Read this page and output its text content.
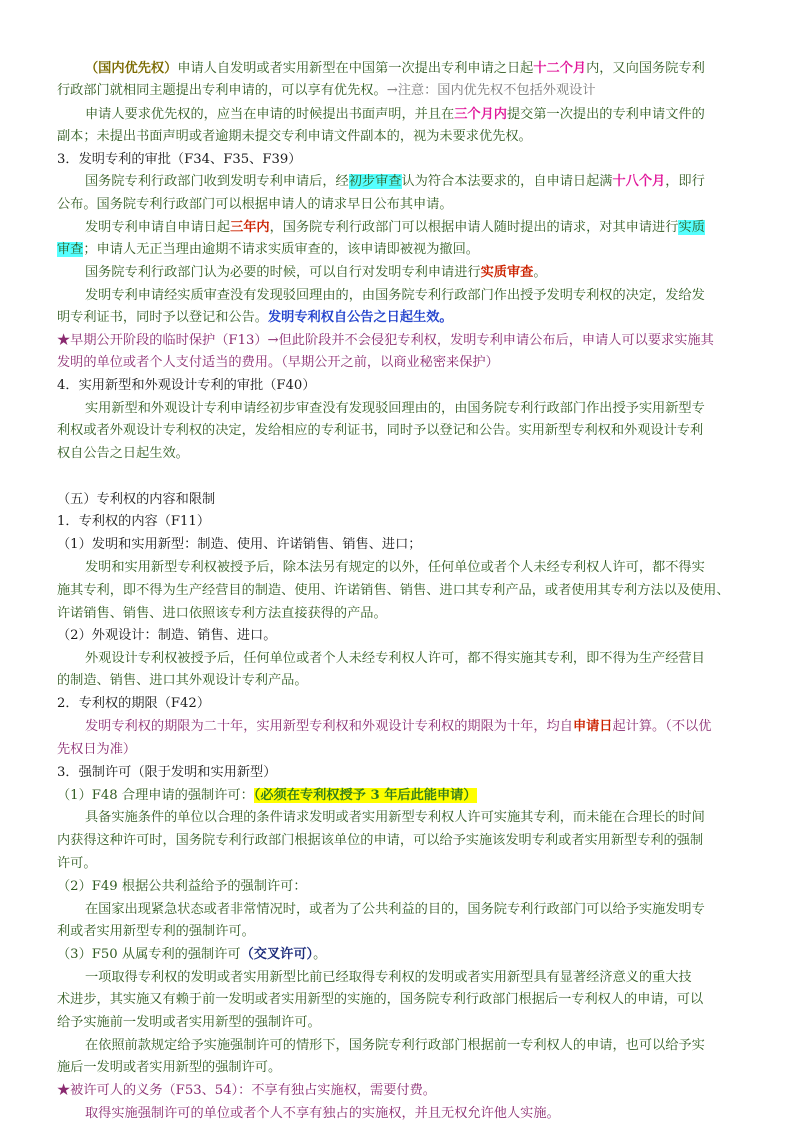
（国内优先权）申请人自发明或者实用新型在中国第一次提出专利申请之日起十二个月内，又向国务院专利
行政部门就相同主题提出专利申请的，可以享有优先权。→注意：国内优先权不包括外观设计
申请人要求优先权的，应当在申请的时候提出书面声明，并且在三个月内提交第一次提出的专利申请文件的
副本；未提出书面声明或者逾期未提交专利申请文件副本的，视为未要求优先权。
3．发明专利的审批（F34、F35、F39）
国务院专利行政部门收到发明专利申请后，经初步审查认为符合本法要求的，自申请日起满十八个月，即行
公布。国务院专利行政部门可以根据申请人的请求早日公布其申请。
发明专利申请自申请日起三年内，国务院专利行政部门可以根据申请人随时提出的请求，对其申请进行实质
审查；申请人无正当理由逾期不请求实质审查的，该申请即被视为撤回。
国务院专利行政部门认为必要的时候，可以自行对发明专利申请进行实质审查。
发明专利申请经实质审查没有发现驳回理由的，由国务院专利行政部门作出授予发明专利权的决定，发给发
明专利证书，同时予以登记和公告。发明专利权自公告之日起生效。
★早期公开阶段的临时保护（F13）→但此阶段并不会侵犯专利权，发明专利申请公布后，申请人可以要求实施其
发明的单位或者个人支付适当的费用。（早期公开之前，以商业秘密来保护）
4．实用新型和外观设计专利的审批（F40）
实用新型和外观设计专利申请经初步审查没有发现驳回理由的，由国务院专利行政部门作出授予实用新型专
利权或者外观设计专利权的决定，发给相应的专利证书，同时予以登记和公告。实用新型专利权和外观设计专利
权自公告之日起生效。
（五）专利权的内容和限制
1．专利权的内容（F11）
（1）发明和实用新型：制造、使用、许诺销售、销售、进口；
发明和实用新型专利权被授予后，除本法另有规定的以外，任何单位或者个人未经专利权人许可，都不得实
施其专利，即不得为生产经营目的制造、使用、许诺销售、销售、进口其专利产品，或者使用其专利方法以及使用、
许诺销售、销售、进口依照该专利方法直接获得的产品。
（2）外观设计：制造、销售、进口。
外观设计专利权被授予后，任何单位或者个人未经专利权人许可，都不得实施其专利，即不得为生产经营目
的制造、销售、进口其外观设计专利产品。
2．专利权的期限（F42）
发明专利权的期限为二十年，实用新型专利权和外观设计专利权的期限为十年，均自申请日起计算。（不以优
先权日为准）
3．强制许可（限于发明和实用新型）
（1）F48 合理申请的强制许可：（必须在专利权授予 3 年后此能申请）
具备实施条件的单位以合理的条件请求发明或者实用新型专利权人许可实施其专利，而未能在合理长的时间
内获得这种许可时，国务院专利行政部门根据该单位的申请，可以给予实施该发明专利或者实用新型专利的强制
许可。
（2）F49 根据公共利益给予的强制许可：
在国家出现紧急状态或者非常情况时，或者为了公共利益的目的，国务院专利行政部门可以给予实施发明专
利或者实用新型专利的强制许可。
（3）F50 从属专利的强制许可（交叉许可）。
一项取得专利权的发明或者实用新型比前已经取得专利权的发明或者实用新型具有显著经济意义的重大技
术进步，其实施又有赖于前一发明或者实用新型的实施的，国务院专利行政部门根据后一专利权人的申请，可以
给予实施前一发明或者实用新型的强制许可。
在依照前款规定给予实施强制许可的情形下，国务院专利行政部门根据前一专利权人的申请，也可以给予实
施后一发明或者实用新型的强制许可。
★被许可人的义务（F53、54）：不享有独占实施权，需要付费。
取得实施强制许可的单位或者个人不享有独占的实施权，并且无权允许他人实施。
